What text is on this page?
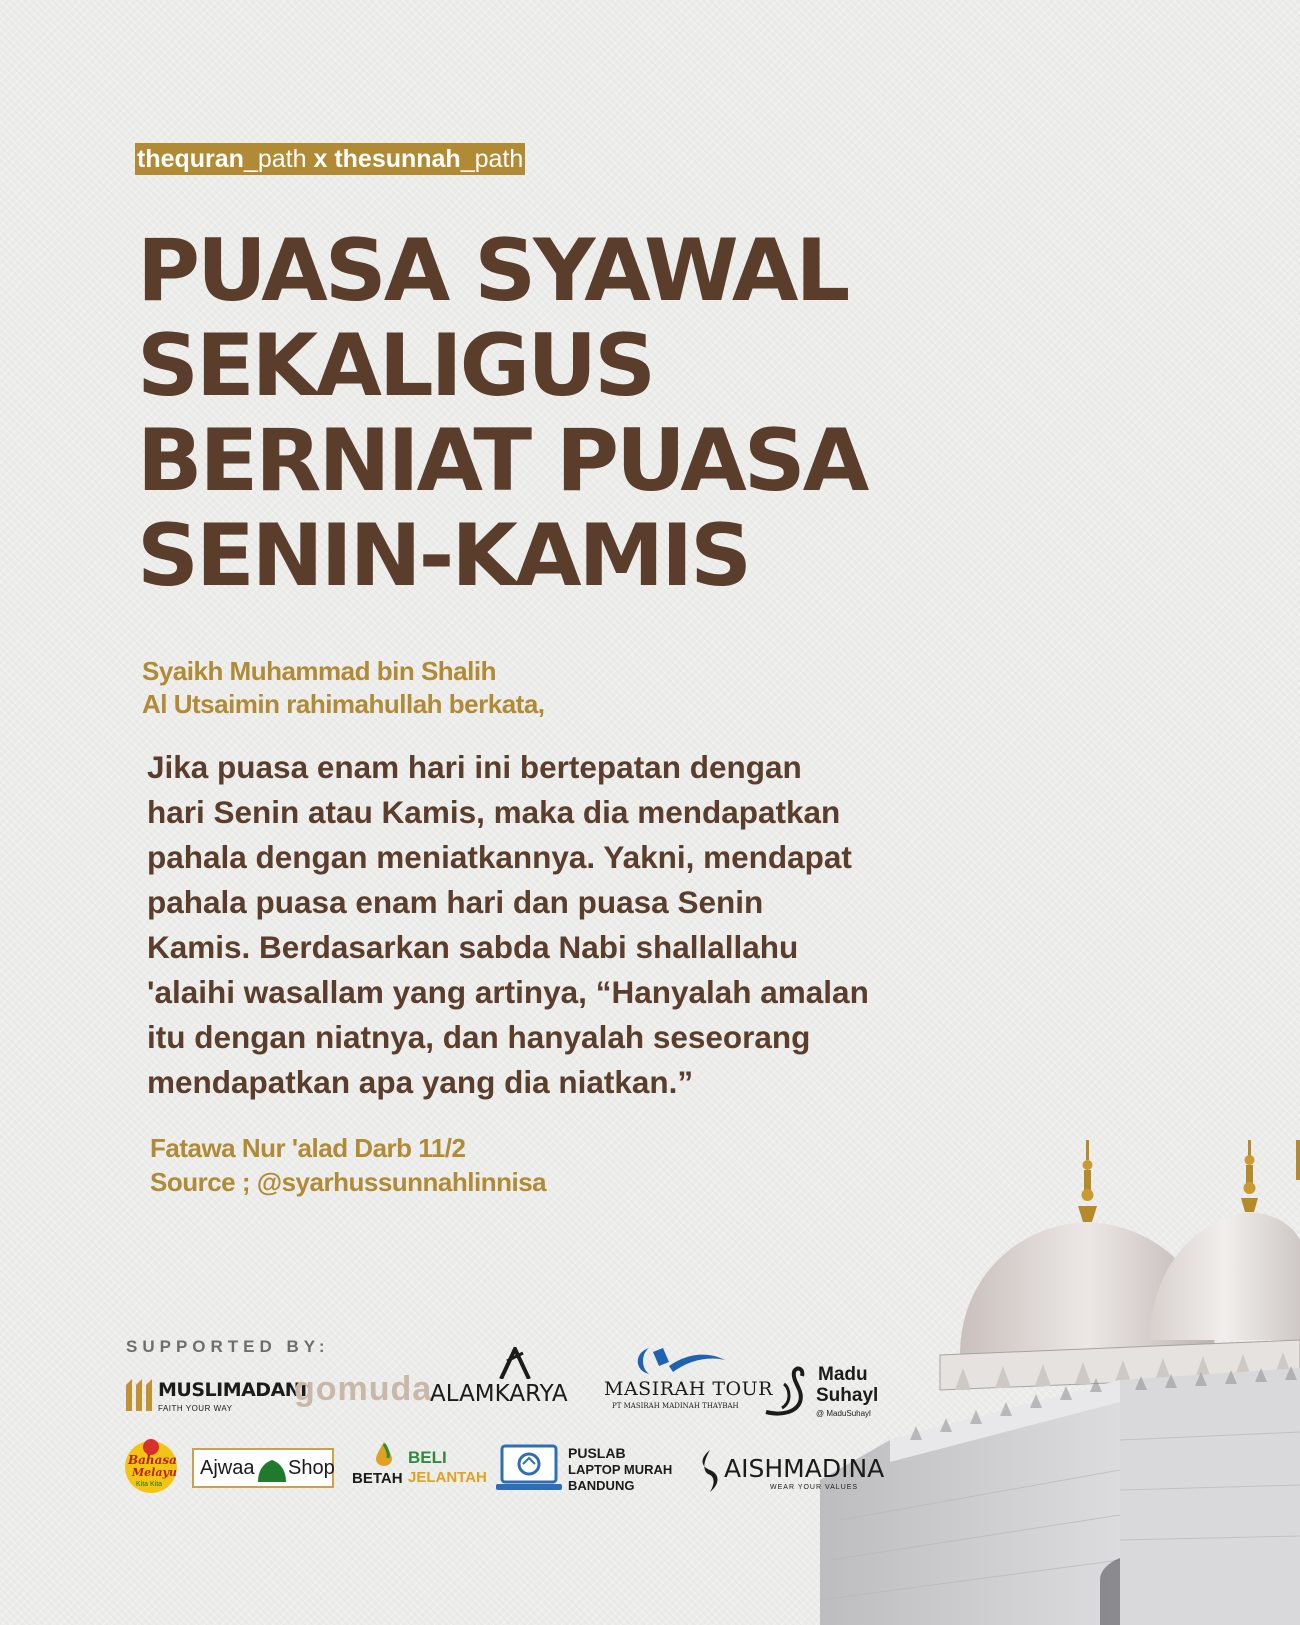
thequran_path x thesunnah_path
PUASA SYAWAL
SEKALIGUS
BERNIAT PUASA
SENIN-KAMIS
Syaikh Muhammad bin Shalih
Al Utsaimin rahimahullah berkata,
Jika puasa enam hari ini bertepatan dengan
hari Senin atau Kamis, maka dia mendapatkan
pahala dengan meniatkannya. Yakni, mendapat
pahala puasa enam hari dan puasa Senin
Kamis. Berdasarkan sabda Nabi shallallahu
'alaihi wasallam yang artinya, “Hanyalah amalan
itu dengan niatnya, dan hanyalah seseorang
mendapatkan apa yang dia niatkan.”
Fatawa Nur 'alad Darb 11/2
Source ; @syarhussunnahlinnisa
SUPPORTED BY:
MUSLIMADANI
FAITH YOUR WAY
gomuda
ALAMKARYA MASIRAH TOUR
PT MASIRAH MADINAH THAYBAH
Madu
Suhayl
@ MaduSuhayl
Bahasa
Melayu
Kita Kita
Ajwaa Shop	BELI
BETAH JELANTAH
PUSLAB
LAPTOP MURAH
BANDUNG
AISHMADINA
WEAR YOUR VALUES
